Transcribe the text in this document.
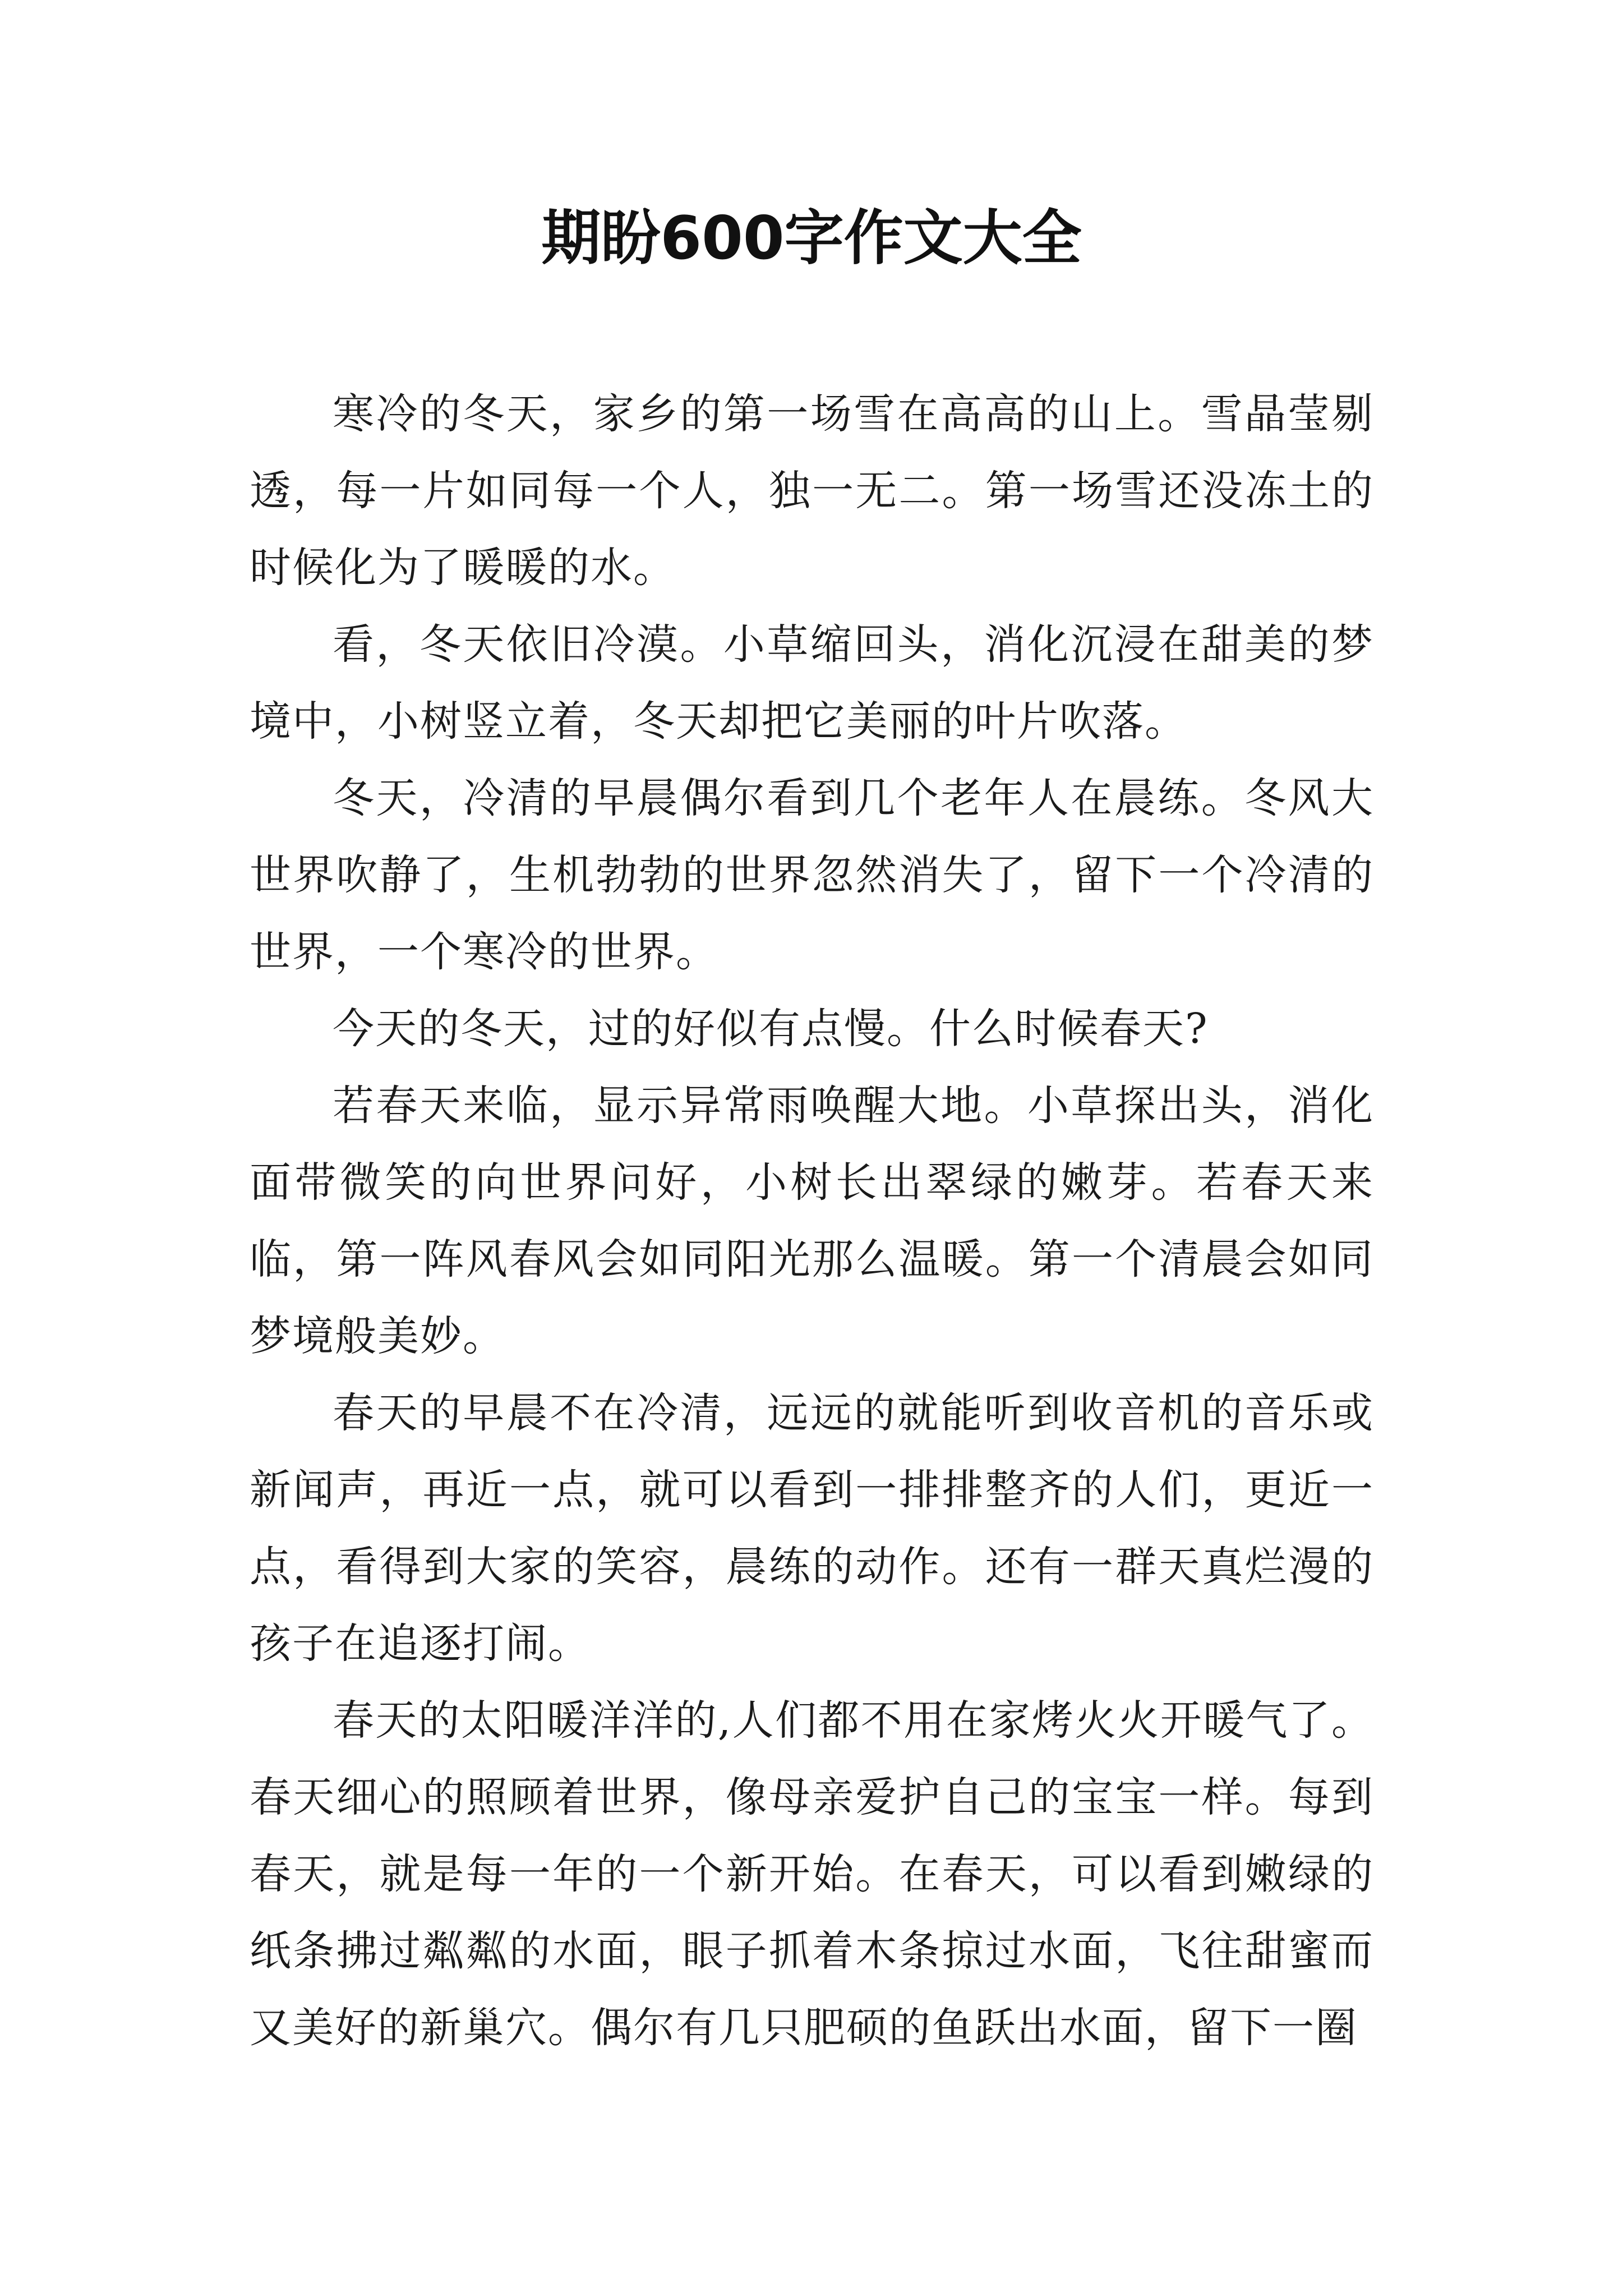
期盼600字作文大全

寒冷的冬天，家乡的第一场雪在高高的山上。雪晶莹剔透，每一片如同每一个人，独一无二。第一场雪还没冻土的时候化为了暖暖的水。

看，冬天依旧冷漠。小草缩回头，消化沉浸在甜美的梦境中，小树竖立着，冬天却把它美丽的叶片吹落。

冬天，冷清的早晨偶尔看到几个老年人在晨练。冬风大世界吹静了，生机勃勃的世界忽然消失了，留下一个冷清的世界，一个寒冷的世界。

今天的冬天，过的好似有点慢。什么时候春天?

若春天来临，显示异常雨唤醒大地。小草探出头，消化面带微笑的向世界问好，小树长出翠绿的嫩芽。若春天来临，第一阵风春风会如同阳光那么温暖。第一个清晨会如同梦境般美妙。

春天的早晨不在冷清，远远的就能听到收音机的音乐或新闻声，再近一点，就可以看到一排排整齐的人们，更近一点，看得到大家的笑容，晨练的动作。还有一群天真烂漫的孩子在追逐打闹。

春天的太阳暖洋洋的,人们都不用在家烤火火开暖气了。春天细心的照顾着世界，像母亲爱护自己的宝宝一样。每到春天，就是每一年的一个新开始。在春天，可以看到嫩绿的纸条拂过粼粼的水面，眼子抓着木条掠过水面，飞往甜蜜而又美好的新巢穴。偶尔有几只肥硕的鱼跃出水面，留下一圈
